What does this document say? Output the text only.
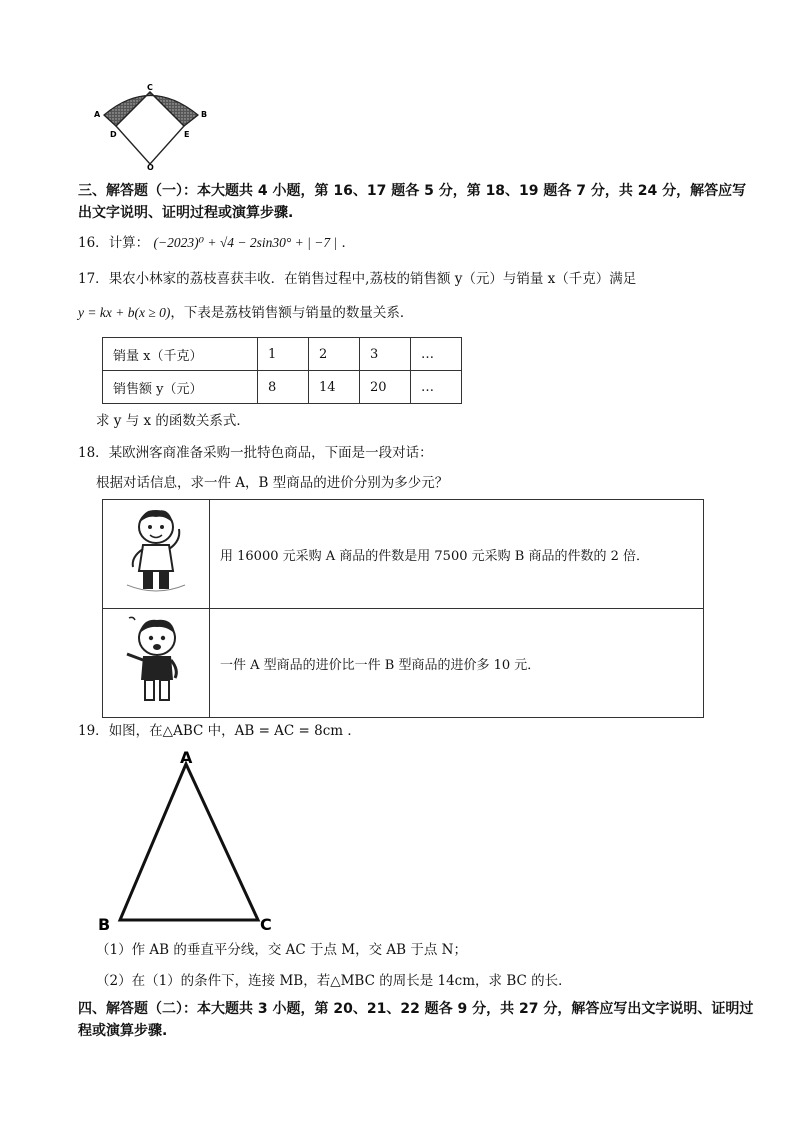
A
C
B
D	E
O
三、解答题（一）：本大题共 4 小题，第 16、17 题各 5 分，第 18、19 题各 7 分，共 24 分，解答应写出文字说明、证明过程或演算步骤.
16．计算： (−2023)⁰ + √4 − 2sin30° + | −7 | ．
17．果农小林家的荔枝喜获丰收．在销售过程中,荔枝的销售额 y（元）与销量 x（千克）满足
y = kx + b(x ≥ 0)，下表是荔枝销售额与销量的数量关系．
销量 x（千克）	1	2	3	…
销售额 y（元）	8	14	20	…
求 y 与 x 的函数关系式．
18．某欧洲客商准备采购一批特色商品，下面是一段对话：
根据对话信息，求一件 A，B 型商品的进价分别为多少元？
	用 16000 元采购 A 商品的件数是用 7500 元采购 B 商品的件数的 2 倍．
	一件 A 型商品的进价比一件 B 型商品的进价多 10 元．
19．如图，在△ABC 中，AB = AC = 8cm ．
A
B	C
（1）作 AB 的垂直平分线，交 AC 于点 M，交 AB 于点 N；
（2）在（1）的条件下，连接 MB，若△MBC 的周长是 14cm，求 BC 的长．
四、解答题（二）：本大题共 3 小题，第 20、21、22 题各 9 分，共 27 分，解答应写出文字说明、证明过程或演算步骤.
